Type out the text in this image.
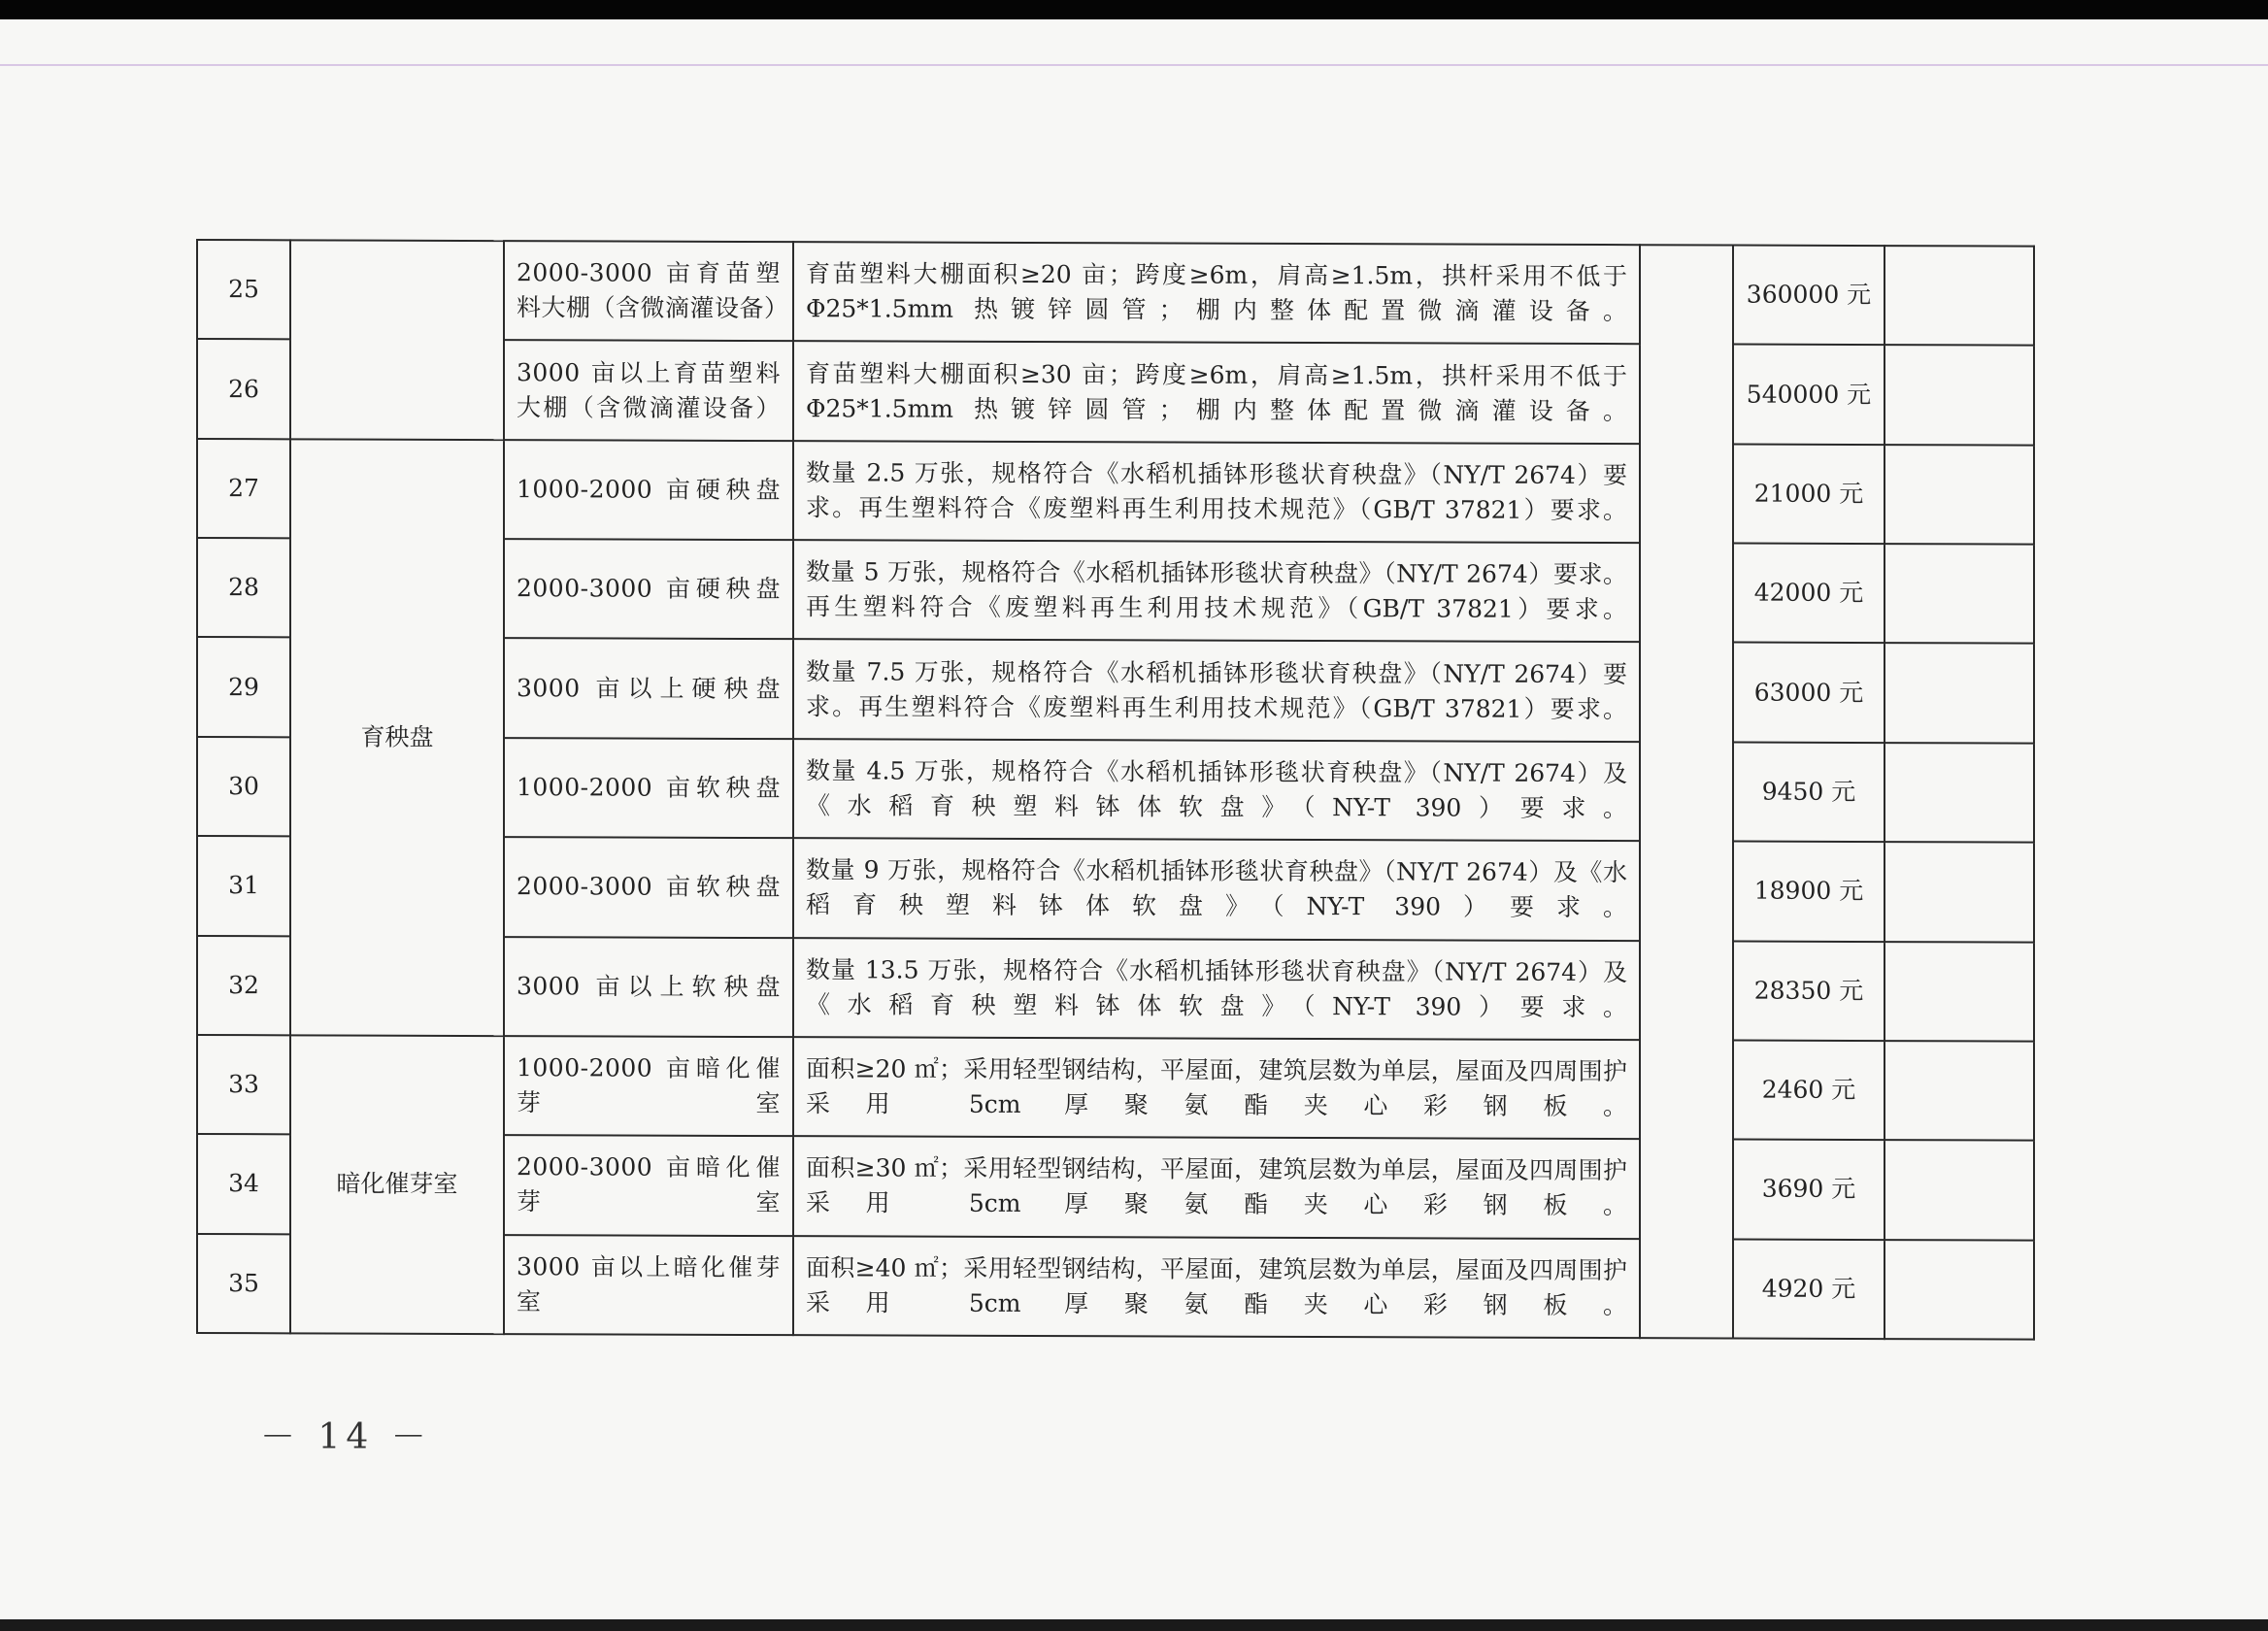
25		2000-3000 亩育苗塑料大棚（含微滴灌设备）	育苗塑料大棚面积≥20 亩；跨度≥6m，肩高≥1.5m，拱杆采用不低于Φ25*1.5mm 热镀锌圆管；棚内整体配置微滴灌设备。		360000 元	
26		3000 亩以上育苗塑料大棚（含微滴灌设备）	育苗塑料大棚面积≥30 亩；跨度≥6m，肩高≥1.5m，拱杆采用不低于Φ25*1.5mm 热镀锌圆管；棚内整体配置微滴灌设备。		540000 元	
27	育秧盘	1000-2000 亩硬秧盘	数量 2.5 万张，规格符合《水稻机插钵形毯状育秧盘》（NY/T 2674）要求。再生塑料符合《废塑料再生利用技术规范》（GB/T 37821）要求。		21000 元	
28		2000-3000 亩硬秧盘	数量 5 万张，规格符合《水稻机插钵形毯状育秧盘》（NY/T 2674）要求。再生塑料符合《废塑料再生利用技术规范》（GB/T 37821）要求。		42000 元	
29		3000 亩以上硬秧盘	数量 7.5 万张，规格符合《水稻机插钵形毯状育秧盘》（NY/T 2674）要求。再生塑料符合《废塑料再生利用技术规范》（GB/T 37821）要求。		63000 元	
30		1000-2000 亩软秧盘	数量 4.5 万张，规格符合《水稻机插钵形毯状育秧盘》（NY/T 2674）及《水稻育秧塑料钵体软盘》（NY-T 390）要求。		9450 元	
31		2000-3000 亩软秧盘	数量 9 万张，规格符合《水稻机插钵形毯状育秧盘》（NY/T 2674）及《水稻育秧塑料钵体软盘》（NY-T 390）要求。		18900 元	
32		3000 亩以上软秧盘	数量 13.5 万张，规格符合《水稻机插钵形毯状育秧盘》（NY/T 2674）及《水稻育秧塑料钵体软盘》（NY-T 390）要求。		28350 元	
33	暗化催芽室	1000-2000 亩暗化催芽室	面积≥20 ㎡；采用轻型钢结构，平屋面，建筑层数为单层，屋面及四周围护采用 5cm 厚聚氨酯夹心彩钢板。		2460 元	
34		2000-3000 亩暗化催芽室	面积≥30 ㎡；采用轻型钢结构，平屋面，建筑层数为单层，屋面及四周围护采用 5cm 厚聚氨酯夹心彩钢板。		3690 元	
35		3000 亩以上暗化催芽室	面积≥40 ㎡；采用轻型钢结构，平屋面，建筑层数为单层，屋面及四周围护采用 5cm 厚聚氨酯夹心彩钢板。		4920 元	
－ 14 －
